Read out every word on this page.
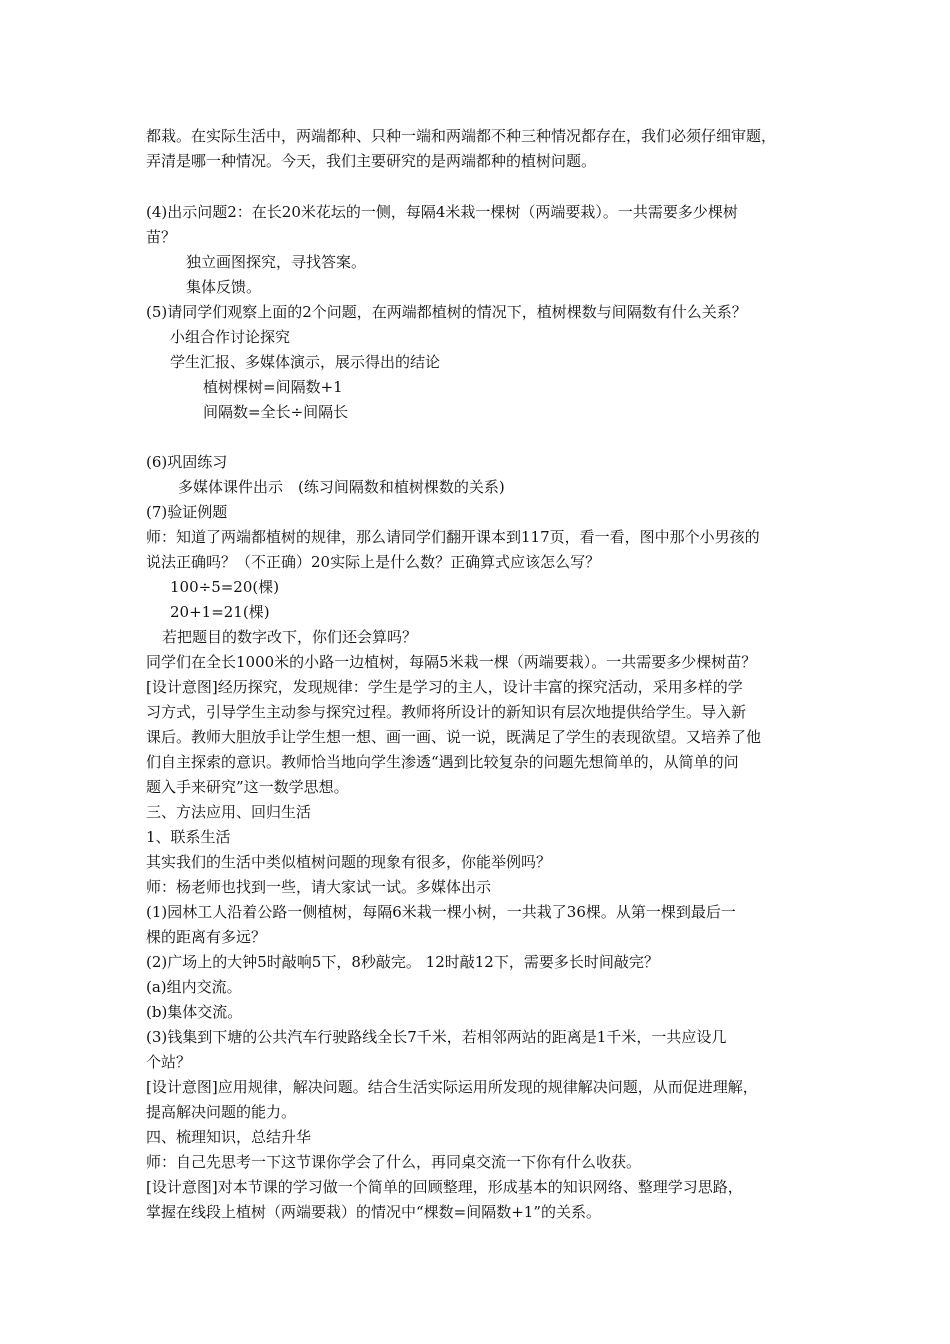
都栽。在实际生活中，两端都种、只种一端和两端都不种三种情况都存在，我们必须仔细审题，
弄清是哪一种情况。今天，我们主要研究的是两端都种的植树问题。
(4)出示问题2：在长20米花坛的一侧，每隔4米栽一棵树（两端要栽）。一共需要多少棵树
苗？
独立画图探究，寻找答案。
集体反馈。
(5)请同学们观察上面的2个问题，在两端都植树的情况下，植树棵数与间隔数有什么关系？
小组合作讨论探究
学生汇报、多媒体演示，展示得出的结论
植树棵树=间隔数+1
间隔数=全长÷间隔长
(6)巩固练习
多媒体课件出示　(练习间隔数和植树棵数的关系)
(7)验证例题
师：知道了两端都植树的规律，那么请同学们翻开课本到117页，看一看，图中那个小男孩的
说法正确吗？（不正确）20实际上是什么数？正确算式应该怎么写？
100÷5=20(棵)
20+1=21(棵)
若把题目的数字改下，你们还会算吗？
同学们在全长1000米的小路一边植树，每隔5米栽一棵（两端要栽）。一共需要多少棵树苗？
[设计意图]经历探究，发现规律：学生是学习的主人，设计丰富的探究活动，采用多样的学
习方式，引导学生主动参与探究过程。教师将所设计的新知识有层次地提供给学生。导入新
课后。教师大胆放手让学生想一想、画一画、说一说，既满足了学生的表现欲望。又培养了他
们自主探索的意识。教师恰当地向学生渗透“遇到比较复杂的问题先想简单的，从简单的问
题入手来研究”这一数学思想。
三、方法应用、回归生活
1、联系生活
其实我们的生活中类似植树问题的现象有很多，你能举例吗？
师：杨老师也找到一些，请大家试一试。多媒体出示
(1)园林工人沿着公路一侧植树，每隔6米栽一棵小树，一共栽了36棵。从第一棵到最后一
棵的距离有多远？
(2)广场上的大钟5时敲响5下，8秒敲完。 12时敲12下，需要多长时间敲完？
(a)组内交流。
(b)集体交流。
(3)钱集到下塘的公共汽车行驶路线全长7千米，若相邻两站的距离是1千米，一共应设几
个站？
[设计意图]应用规律，解决问题。结合生活实际运用所发现的规律解决问题，从而促进理解，
提高解决问题的能力。
四、梳理知识，总结升华
师：自己先思考一下这节课你学会了什么，再同桌交流一下你有什么收获。
[设计意图]对本节课的学习做一个简单的回顾整理，形成基本的知识网络、整理学习思路，
掌握在线段上植树（两端要栽）的情况中“棵数=间隔数+1”的关系。
